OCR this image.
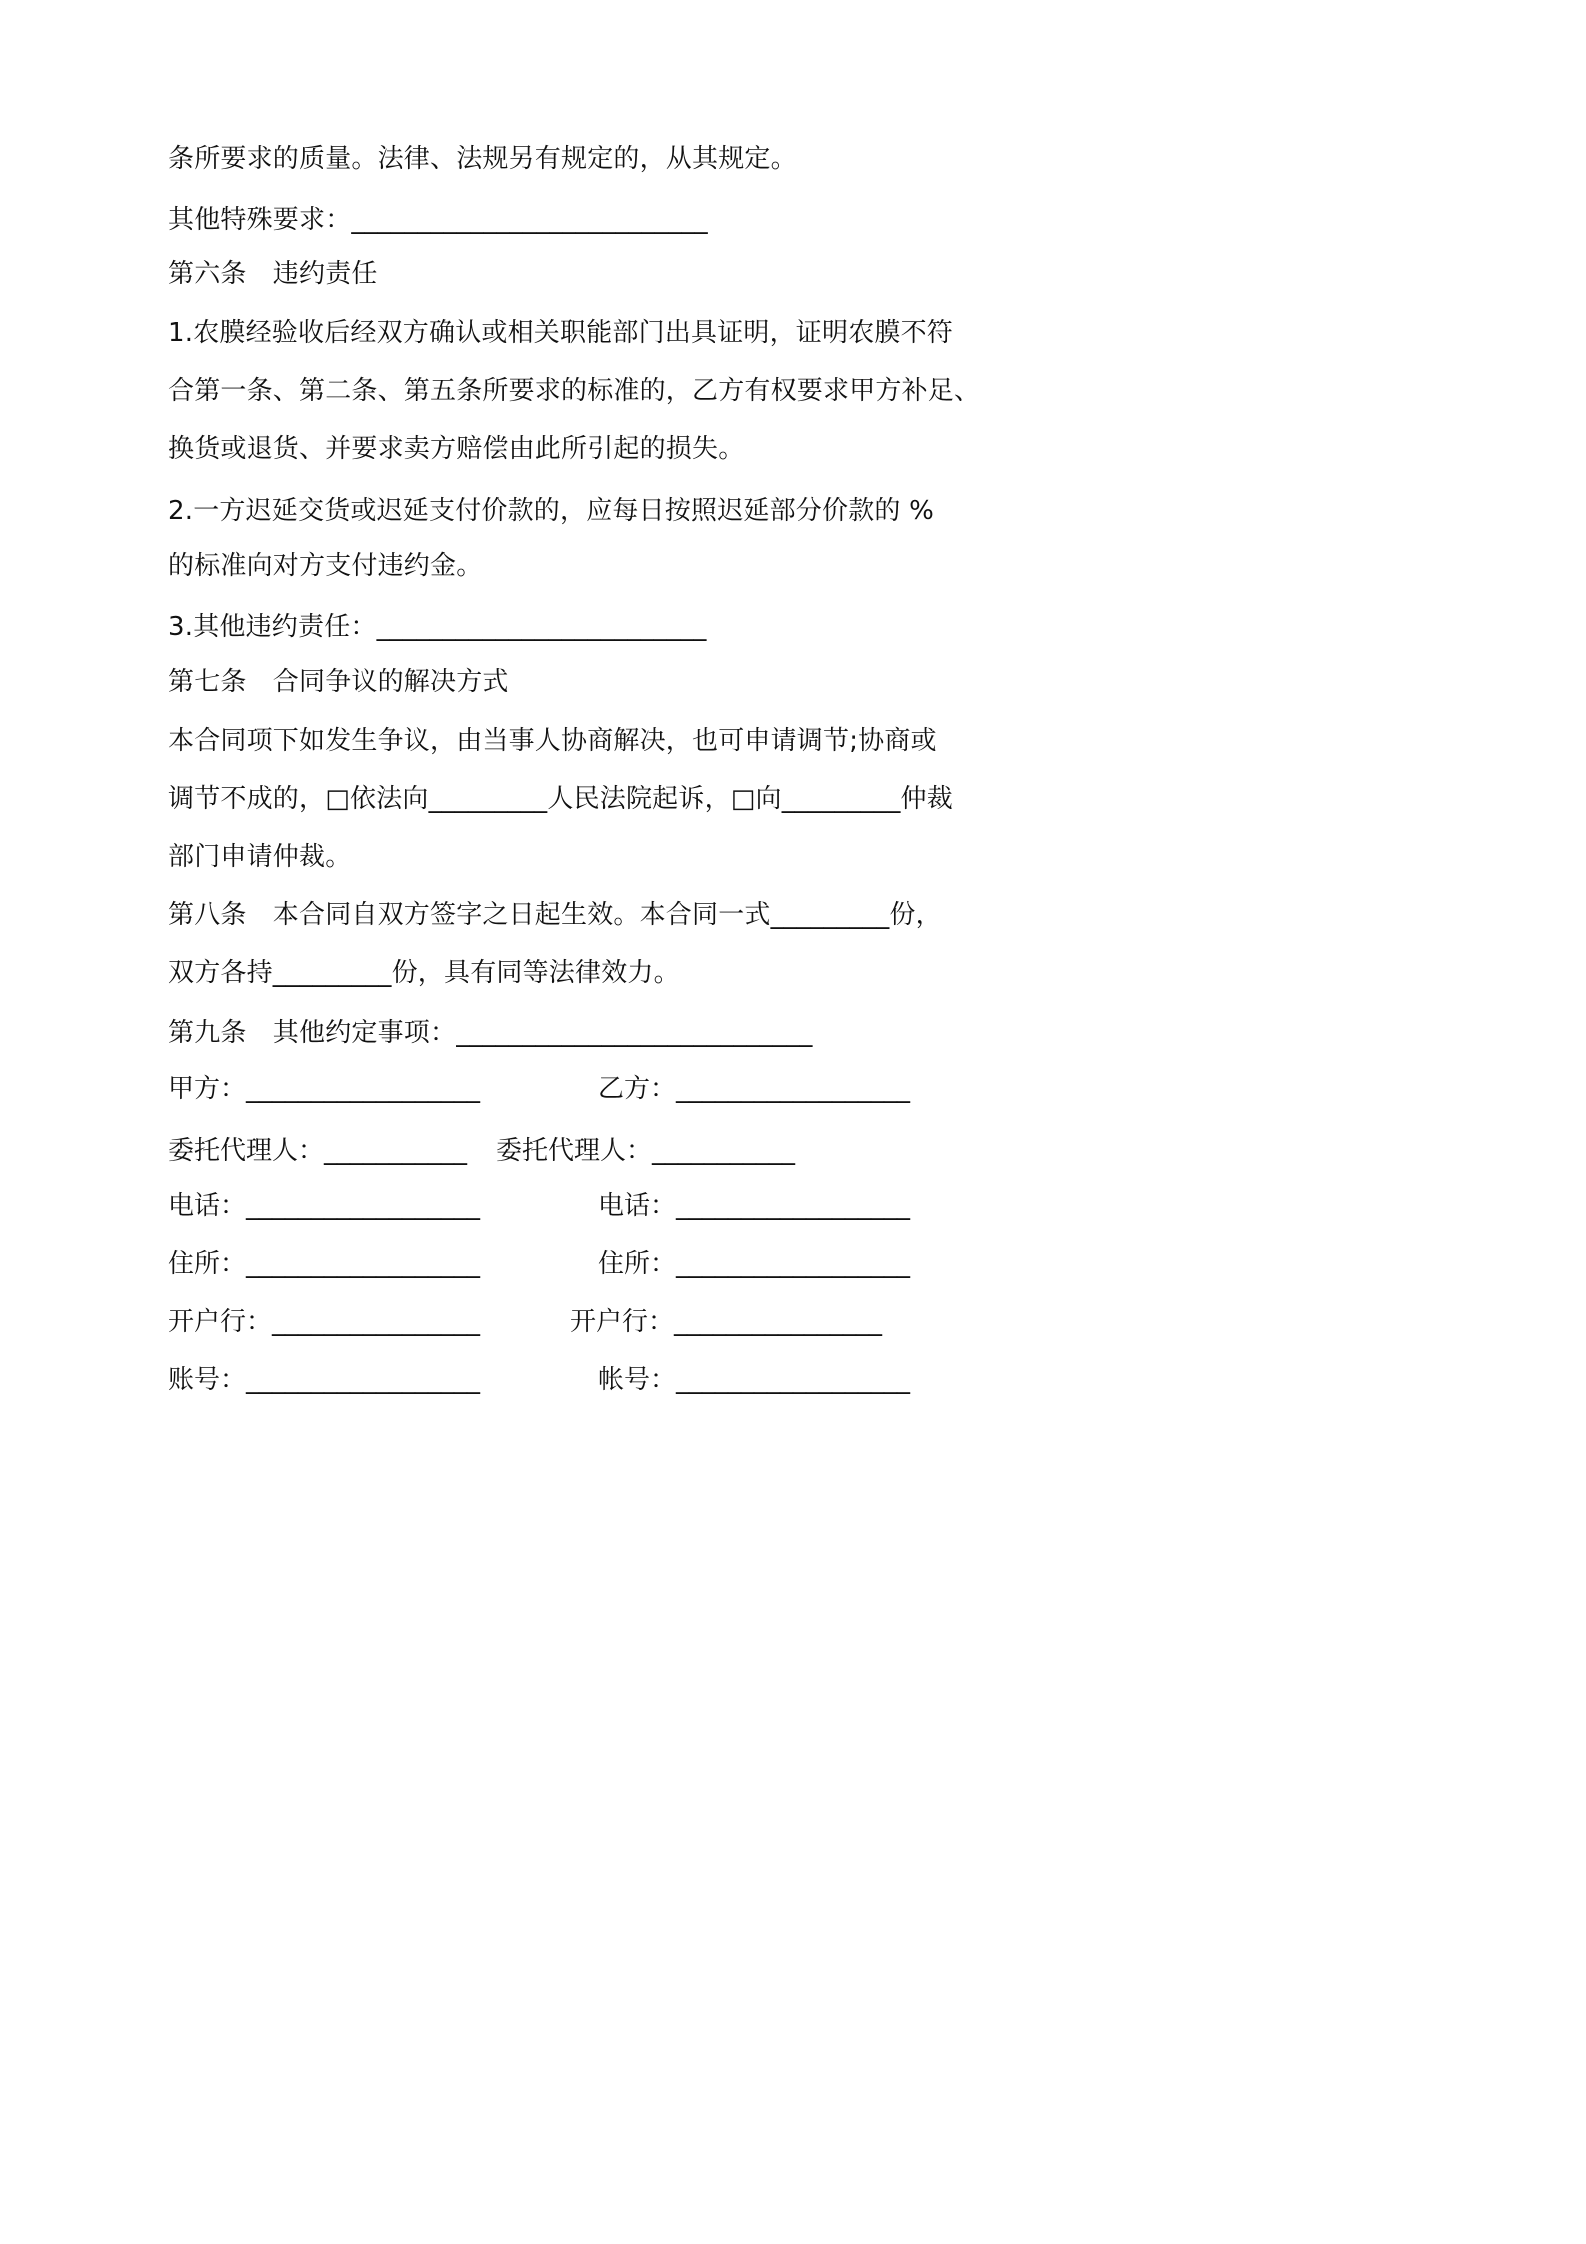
条所要求的质量。法律、法规另有规定的，从其规定。
其他特殊要求：___________________________
第六条　违约责任
1.农膜经验收后经双方确认或相关职能部门出具证明，证明农膜不符
合第一条、第二条、第五条所要求的标准的，乙方有权要求甲方补足、
换货或退货、并要求卖方赔偿由此所引起的损失。
2.一方迟延交货或迟延支付价款的，应每日按照迟延部分价款的 %
的标准向对方支付违约金。
3.其他违约责任：_________________________
第七条　合同争议的解决方式
本合同项下如发生争议，由当事人协商解决，也可申请调节;协商或
调节不成的，□依法向_________人民法院起诉，□向_________仲裁
部门申请仲裁。
第八条　本合同自双方签字之日起生效。本合同一式_________份，
双方各持_________份，具有同等法律效力。
第九条　其他约定事项：___________________________
甲方：__________________	乙方：__________________
委托代理人：___________ 委托代理人：___________
电话：__________________	电话：__________________
住所：__________________	住所：__________________
开户行：________________	开户行：________________
账号：__________________	帐号：__________________
